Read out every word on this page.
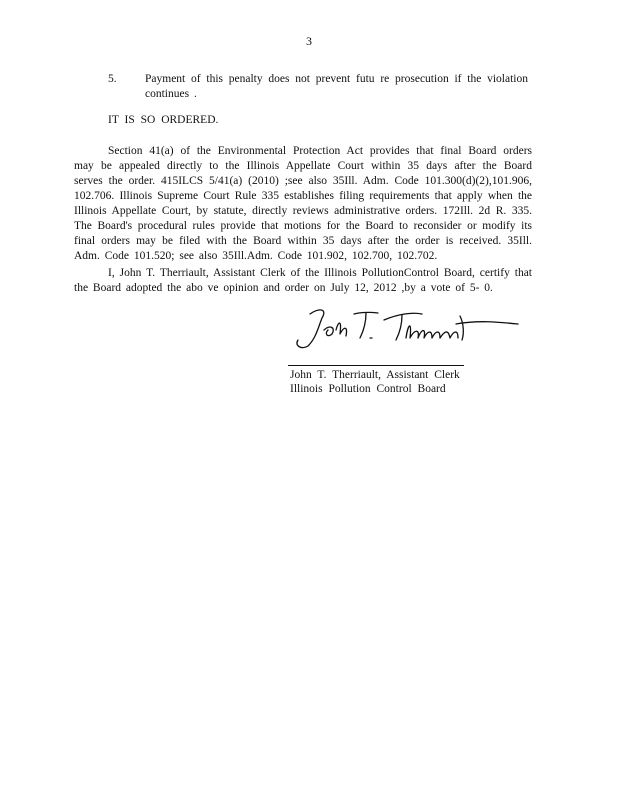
3
5. Payment of this penalty does not prevent futu re prosecution if the violation continues .
IT IS SO ORDERED.
Section 41(a) of the Environmental Protection Act provides that final Board orders may be appealed directly to the Illinois Appellate Court within 35 days after the Board serves the order. 415ILCS 5/41(a) (2010) ;see also 35Ill. Adm. Code 101.300(d)(2),101.906, 102.706. Illinois Supreme Court Rule 335 establishes filing requirements that apply when the Illinois Appellate Court, by statute, directly reviews administrative orders. 172Ill. 2d R. 335. The Board's procedural rules provide that motions for the Board to reconsider or modify its final orders may be filed with the Board within 35 days after the order is received. 35Ill. Adm. Code 101.520; see also 35Ill.Adm. Code 101.902, 102.700, 102.702.
I, John T. Therriault, Assistant Clerk of the Illinois PollutionControl Board, certify that the Board adopted the abo ve opinion and order on July 12, 2012 ,by a vote of 5- 0.
John T. Therriault, Assistant Clerk
Illinois Pollution Control Board
